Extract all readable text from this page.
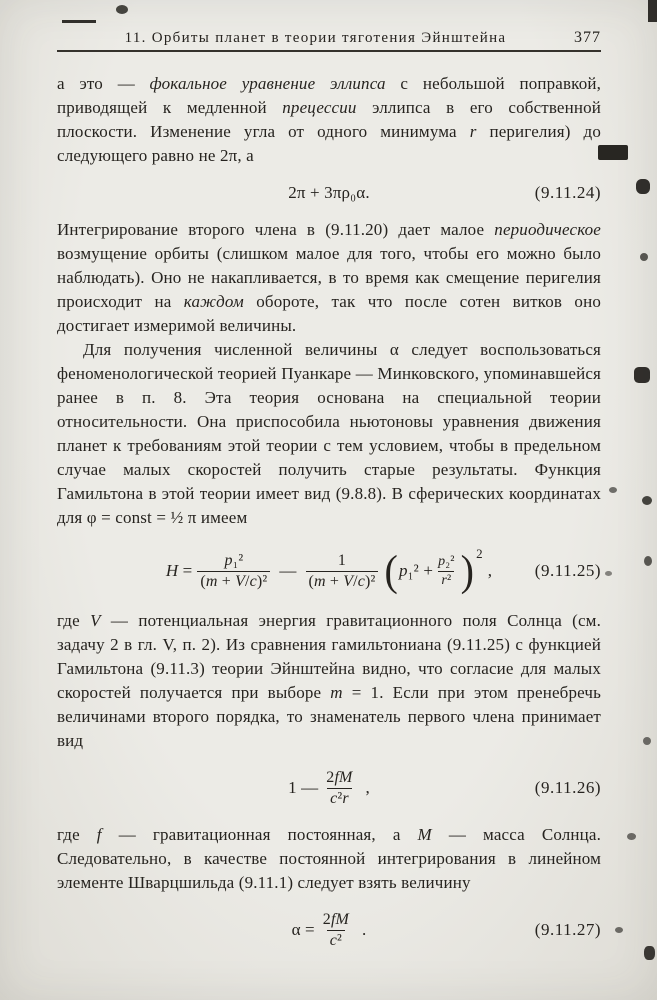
11. Орбиты планет в теории тяготения Эйнштейна	377

а это — фокальное уравнение эллипса с небольшой поправкой, приводящей к медленной прецессии эллипса в его собственной плоскости. Изменение угла от одного минимума r перигелия) до следующего равно не 2π, а

2π + 3πρ₀α.	(9.11.24)

Интегрирование второго члена в (9.11.20) дает малое периодическое возмущение орбиты (слишком малое для того, чтобы его можно было наблюдать). Оно не накапливается, в то время как смещение перигелия происходит на каждом обороте, так что после сотен витков оно достигает измеримой величины.

Для получения численной величины α следует воспользоваться феноменологической теорией Пуанкаре — Минковского, упоминавшейся ранее в п. 8. Эта теория основана на специальной теории относительности. Она приспособила ньютоновы уравнения движения планет к требованиям этой теории с тем условием, чтобы в предельном случае малых скоростей получить старые результаты. Функция Гамильтона в этой теории имеет вид (9.8.8). В сферических координатах для φ = const = ½ π имеем

$H = \frac{\text{p₁²}}{\text{(m + V/c)²}}$ — $\frac{1}{\text{(m + V/c)²}}$ ( $p_1^2 + \frac{\text{p₂²}}{\text{r²}}$ ) 2
,	(9.11.25)

где V — потенциальная энергия гравитационного поля Солнца (см. задачу 2 в гл. V, п. 2). Из сравнения гамильтониана (9.11.25) с функцией Гамильтона (9.11.3) теории Эйнштейна видно, что согласие для малых скоростей получается при выборе m = 1. Если при этом пренебречь величинами второго порядка, то знаменатель первого члена принимает вид

1 — $\frac{2fM}{\text{c²r}}$ ,	(9.11.26)

где f — гравитационная постоянная, а M — масса Солнца. Следовательно, в качестве постоянной интегрирования в линейном элементе Шварцшильда (9.11.1) следует взять величину

$\alpha = \frac{2fM}{\text{c²}}$ .	(9.11.27)
